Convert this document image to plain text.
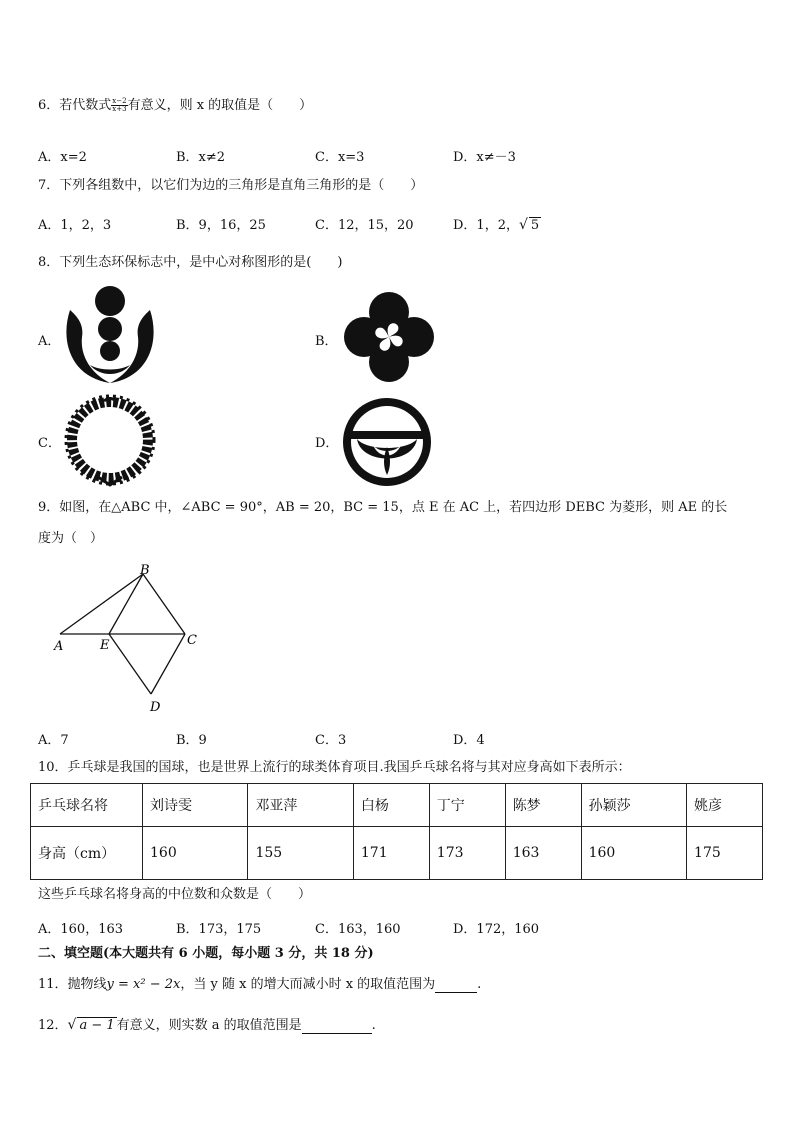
6．若代数式 $\frac{x-2}{x+3}$ 有意义，则 x 的取值是（　　）
A．x=2	B．x≠2	C．x=3	D．x≠－3
7．下列各组数中，以它们为边的三角形是直角三角形的是（　　）
A．1，2，3	B．9，16，25	C．12，15，20	D．1，2，√ 5
8．下列生态环保标志中，是中心对称图形的是(　　)
A．	B．
C．	D．
9．如图，在△ABC 中，∠ABC = 90°，AB = 20，BC = 15，点 E 在 AC 上，若四边形 DEBC 为菱形，则 AE 的长
度为（　）
A
B
C
D
E
A．7	B．9	C．3	D．4
10．乒乓球是我国的国球，也是世界上流行的球类体育项目.我国乒乓球名将与其对应身高如下表所示：
乒乓球名将	刘诗雯	邓亚萍	白杨	丁宁	陈梦	孙颖莎	姚彦
身高（cm）	160	155	171	173	163	160	175
这些乒乓球名将身高的中位数和众数是（　　）
A．160，163	B．173，175	C．163，160	D．172，160
二、填空题(本大题共有 6 小题，每小题 3 分，共 18 分)
11．抛物线y = x² − 2x，当 y 随 x 的增大而减小时 x 的取值范围为	.
12．√ a − 1 有意义，则实数 a 的取值范围是	.
